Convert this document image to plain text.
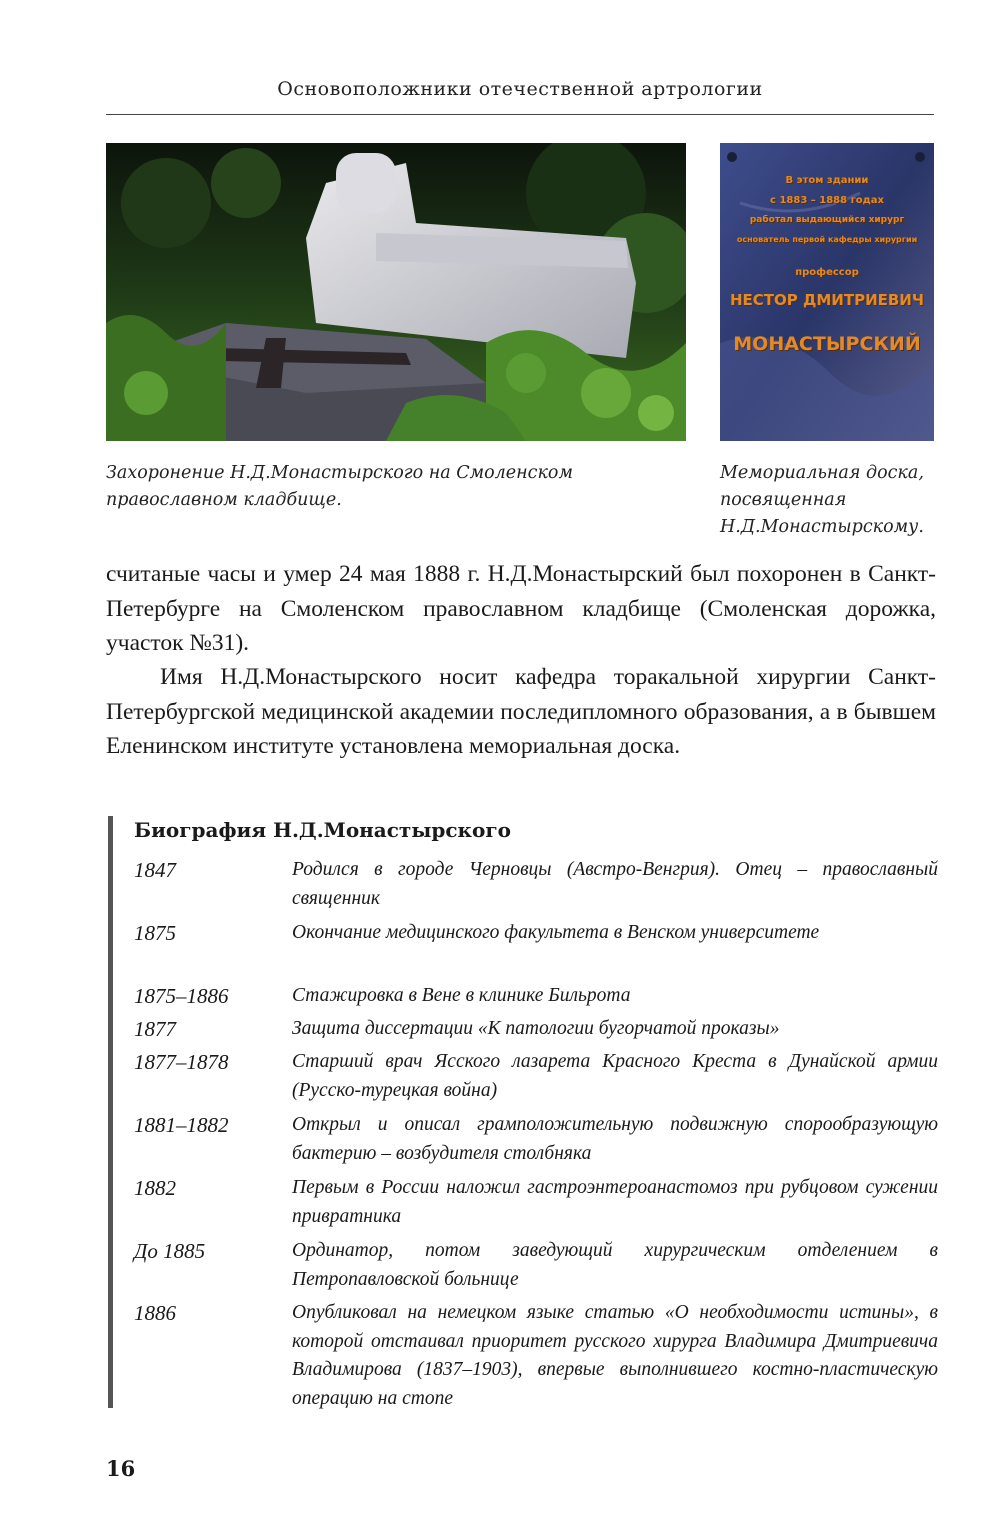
Основоположники отечественной артрологии
В этом здании
с 1883 – 1888 годах
работал выдающийся хирург
основатель первой кафедры хирургии
профессор
НЕСТОР ДМИТРИЕВИЧ
МОНАСТЫРСКИЙ
Захоронение Н.Д.Монастырского на Смоленском православном кладбище.
Мемориальная доска, посвященная Н.Д.Монастырскому.
считаные часы и умер 24 мая 1888 г. Н.Д.Монастырский был похоронен в Санкт-Петербурге на Смоленском православном кладбище (Смоленская дорожка, участок №31).
Имя Н.Д.Монастырского носит кафедра торакальной хирургии Санкт-Петербургской медицинской академии последипломного образования, а в бывшем Еленинском институте установлена мемориальная доска.
Биография Н.Д.Монастырского
1847	Родился в городе Черновцы (Австро-Венгрия). Отец – православный священник
1875	Окончание медицинского факультета в Венском университете
1875–1886	Стажировка в Вене в клинике Бильрота
1877	Защита диссертации «К патологии бугорчатой проказы»
1877–1878	Старший врач Ясского лазарета Красного Креста в Дунайской армии (Русско-турецкая война)
1881–1882	Открыл и описал грамположительную подвижную спорообразующую бактерию – возбудителя столбняка
1882	Первым в России наложил гастроэнтероанастомоз при рубцовом сужении привратника
До 1885	Ординатор, потом заведующий хирургическим отделением в Петропавловской больнице
1886	Опубликовал на немецком языке статью «О необходимости истины», в которой отстаивал приоритет русского хирурга Владимира Дмитриевича Владимирова (1837–1903), впервые выполнившего костно-пластическую операцию на стопе
16
